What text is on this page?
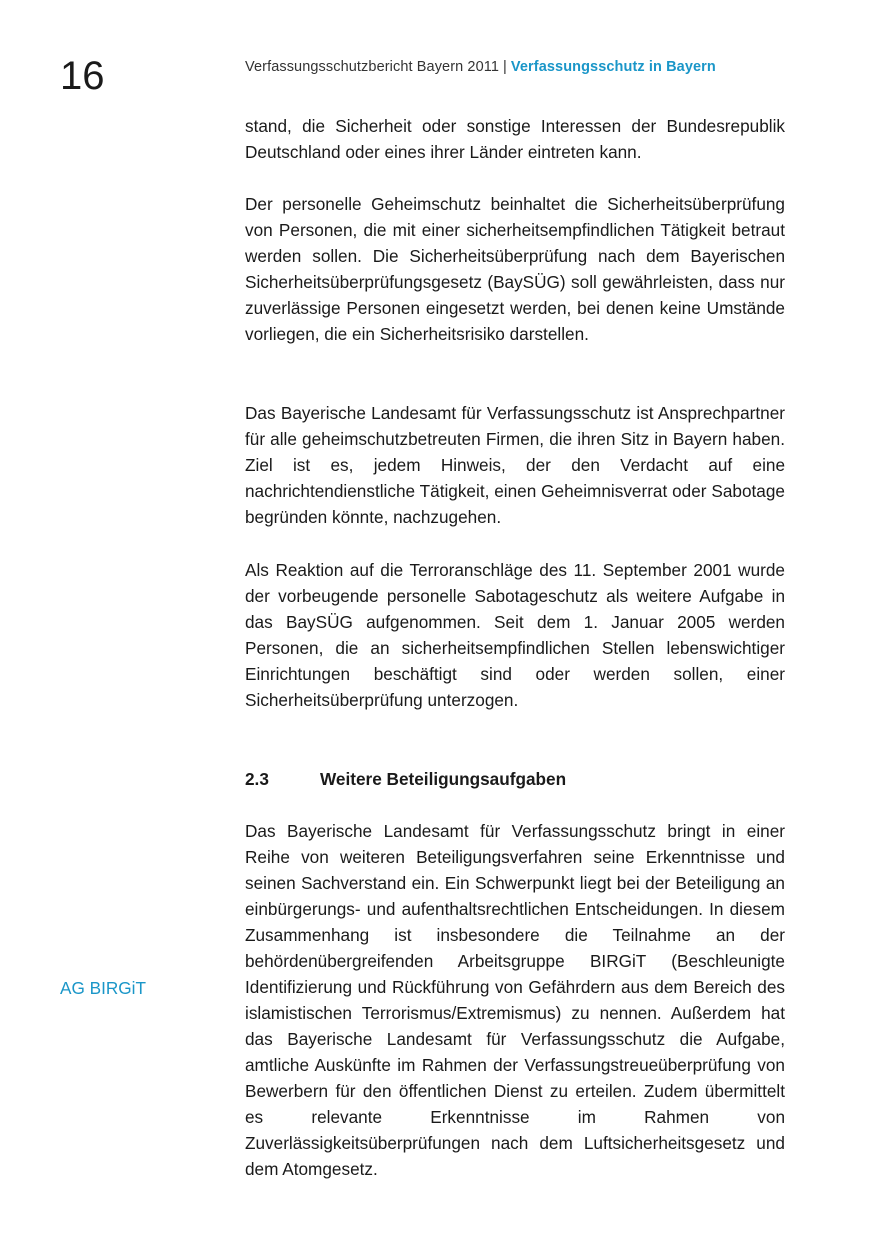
16	Verfassungsschutzbericht Bayern 2011 | Verfassungsschutz in Bayern

stand, die Sicherheit oder sonstige Interessen der Bundesrepublik Deutschland oder eines ihrer Länder eintreten kann.

Der personelle Geheimschutz beinhaltet die Sicherheitsüberprüfung von Personen, die mit einer sicherheitsempfindlichen Tätigkeit betraut werden sollen. Die Sicherheitsüberprüfung nach dem Bayerischen Sicherheitsüberprüfungsgesetz (BaySÜG) soll gewährleisten, dass nur zuverlässige Personen eingesetzt werden, bei denen keine Umstände vorliegen, die ein Sicherheitsrisiko darstellen.

Das Bayerische Landesamt für Verfassungsschutz ist Ansprechpartner für alle geheimschutzbetreuten Firmen, die ihren Sitz in Bayern haben. Ziel ist es, jedem Hinweis, der den Verdacht auf eine nachrichtendienstliche Tätigkeit, einen Geheimnisverrat oder Sabotage begründen könnte, nachzugehen.

Als Reaktion auf die Terroranschläge des 11. September 2001 wurde der vorbeugende personelle Sabotageschutz als weitere Aufgabe in das BaySÜG aufgenommen. Seit dem 1. Januar 2005 werden Personen, die an sicherheitsempfindlichen Stellen lebenswichtiger Einrichtungen beschäftigt sind oder werden sollen, einer Sicherheitsüberprüfung unterzogen.

2.3	Weitere Beteiligungsaufgaben

Das Bayerische Landesamt für Verfassungsschutz bringt in einer Reihe von weiteren Beteiligungsverfahren seine Erkenntnisse und seinen Sachverstand ein. Ein Schwerpunkt liegt bei der Beteiligung an einbürgerungs- und aufenthaltsrechtlichen Entscheidungen. In diesem Zusammenhang ist insbesondere die Teilnahme an der behördenübergreifenden Arbeitsgruppe BIRGiT (Beschleunigte Identifizierung und Rückführung von Gefährdern aus dem Bereich des islamistischen Terrorismus/Extremismus) zu nennen. Außerdem hat das Bayerische Landesamt für Verfassungsschutz die Aufgabe, amtliche Auskünfte im Rahmen der Verfassungstreueüberprüfung von Bewerbern für den öffentlichen Dienst zu erteilen. Zudem übermittelt es relevante Erkenntnisse im Rahmen von Zuverlässigkeitsüberprüfungen nach dem Luftsicherheitsgesetz und dem Atomgesetz.

AG BIRGiT
